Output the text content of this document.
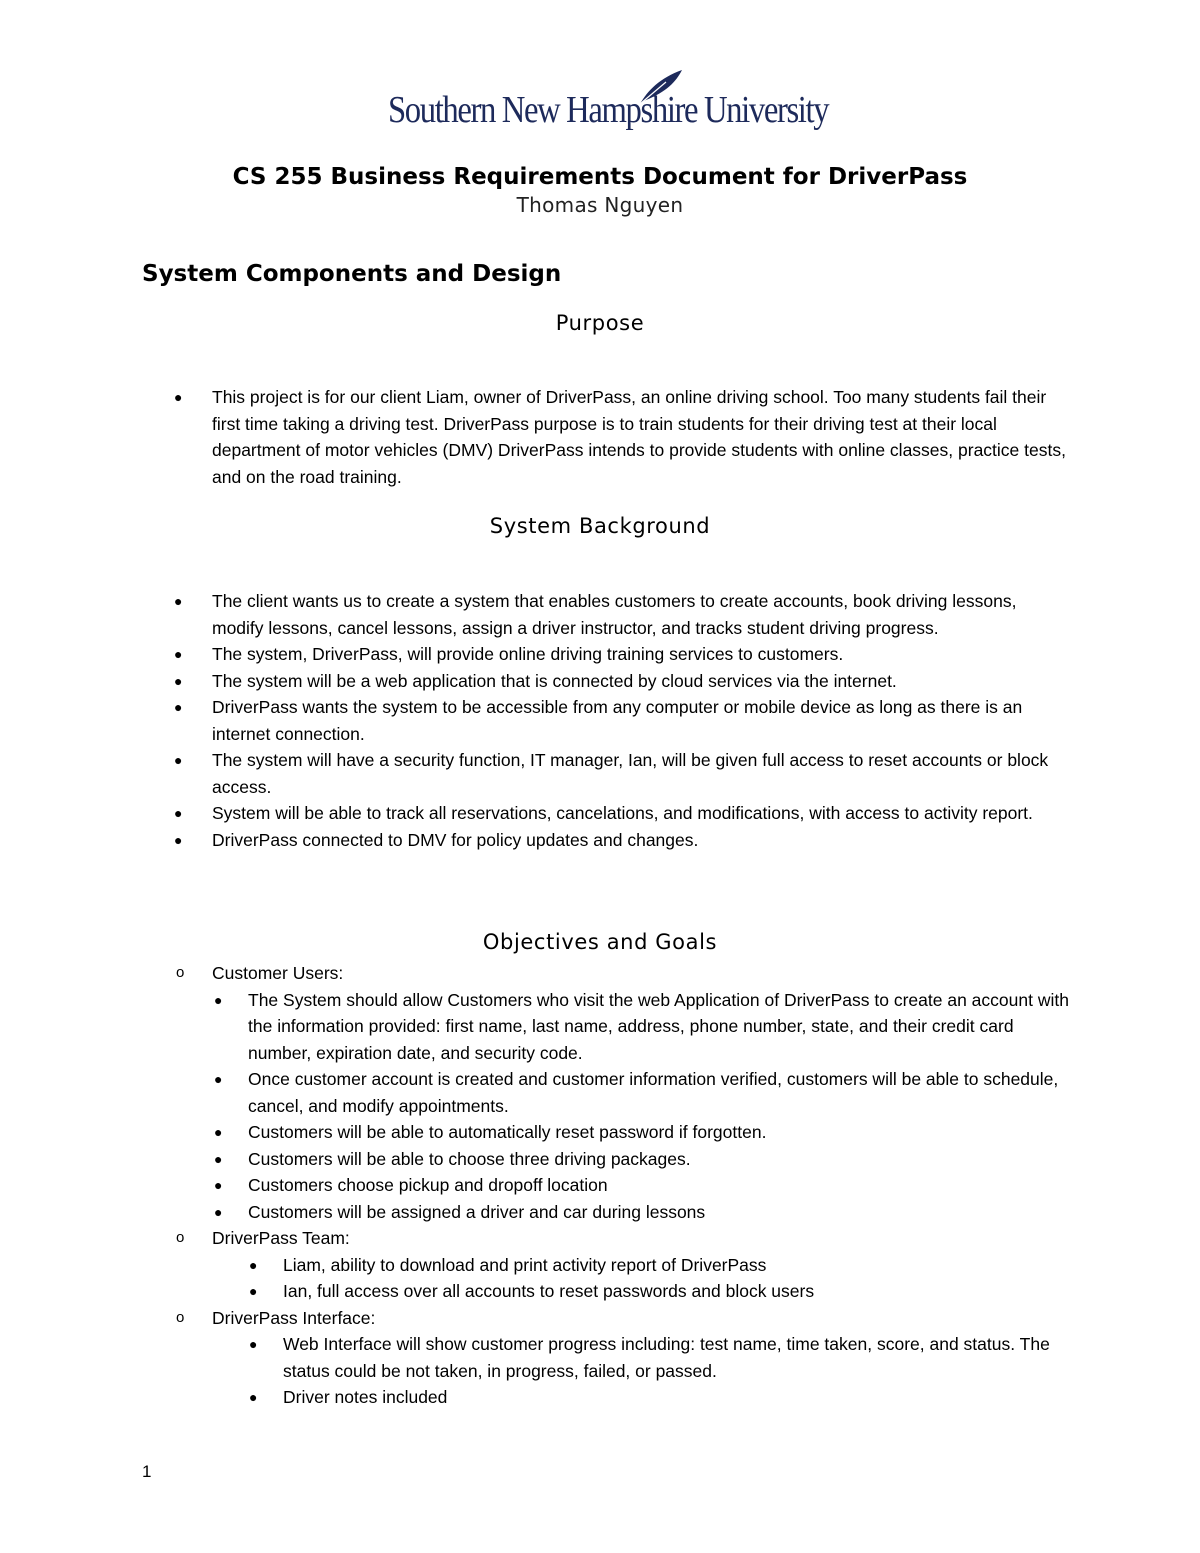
Southern New Hampshire University
CS 255 Business Requirements Document for DriverPass
Thomas Nguyen
System Components and Design
Purpose
● This project is for our client Liam, owner of DriverPass, an online driving school. Too many students fail their first time taking a driving test. DriverPass purpose is to train students for their driving test at their local department of motor vehicles (DMV) DriverPass intends to provide students with online classes, practice tests, and on the road training.
System Background
● The client wants us to create a system that enables customers to create accounts, book driving lessons, modify lessons, cancel lessons, assign a driver instructor, and tracks student driving progress.
● The system, DriverPass, will provide online driving training services to customers.
● The system will be a web application that is connected by cloud services via the internet.
● DriverPass wants the system to be accessible from any computer or mobile device as long as there is an internet connection.
● The system will have a security function, IT manager, Ian, will be given full access to reset accounts or block access.
● System will be able to track all reservations, cancelations, and modifications, with access to activity report.
● DriverPass connected to DMV for policy updates and changes.
Objectives and Goals
o Customer Users:
● The System should allow Customers who visit the web Application of DriverPass to create an account with the information provided: first name, last name, address, phone number, state, and their credit card number, expiration date, and security code.
● Once customer account is created and customer information verified, customers will be able to schedule, cancel, and modify appointments.
● Customers will be able to automatically reset password if forgotten.
● Customers will be able to choose three driving packages.
● Customers choose pickup and dropoff location
● Customers will be assigned a driver and car during lessons
o DriverPass Team:
● Liam, ability to download and print activity report of DriverPass
● Ian, full access over all accounts to reset passwords and block users
o DriverPass Interface:
● Web Interface will show customer progress including: test name, time taken, score, and status. The status could be not taken, in progress, failed, or passed.
● Driver notes included
1
